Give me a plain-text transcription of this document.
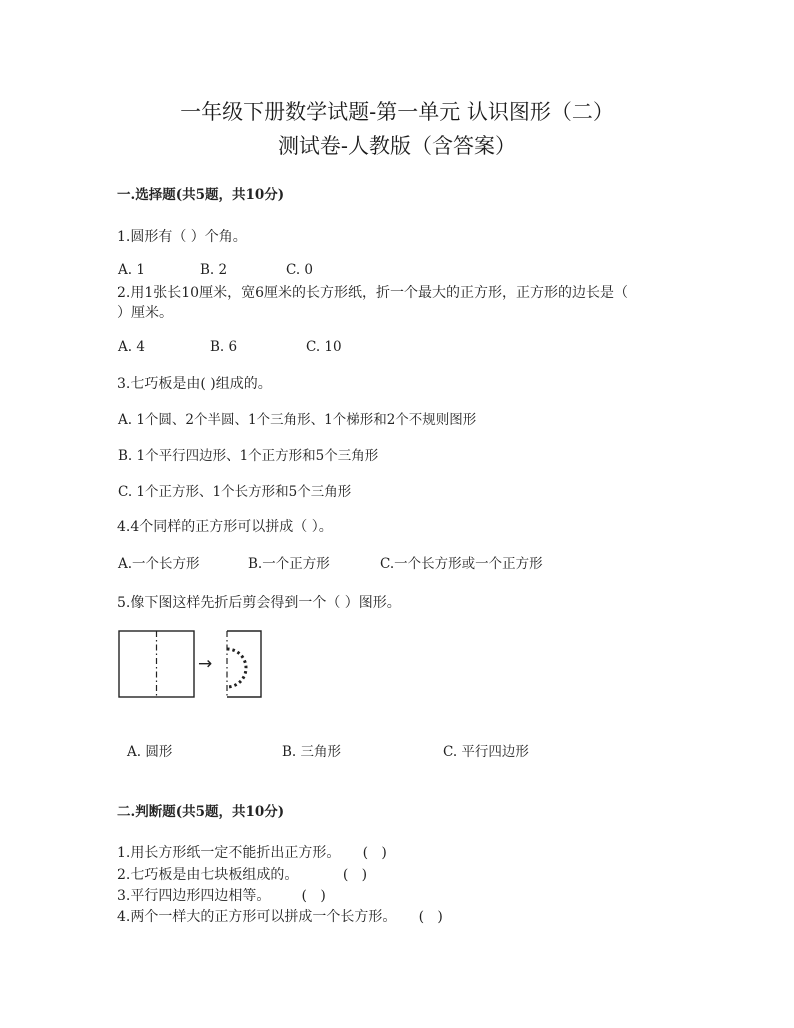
一年级下册数学试题-第一单元 认识图形（二）
测试卷-人教版（含答案）
一.选择题(共5题，共10分)
1.圆形有（ ）个角。
A. 1	B. 2	C. 0
2.用1张长10厘米，宽6厘米的长方形纸，折一个最大的正方形，正方形的边长是（
）厘米。
A. 4	B. 6	C. 10
3.七巧板是由( )组成的。
A. 1个圆、2个半圆、1个三角形、1个梯形和2个不规则图形
B. 1个平行四边形、1个正方形和5个三角形
C. 1个正方形、1个长方形和5个三角形
4.4个同样的正方形可以拼成（ ）。
A.一个长方形	B.一个正方形	C.一个长方形或一个正方形
5.像下图这样先折后剪会得到一个（ ）图形。
→
A. 圆形	B. 三角形	C. 平行四边形
二.判断题(共5题，共10分)
1.用长方形纸一定不能折出正方形。     (   )
2.七巧板是由七块板组成的。          (   )
3.平行四边形四边相等。       (   )
4.两个一样大的正方形可以拼成一个长方形。     (   )
